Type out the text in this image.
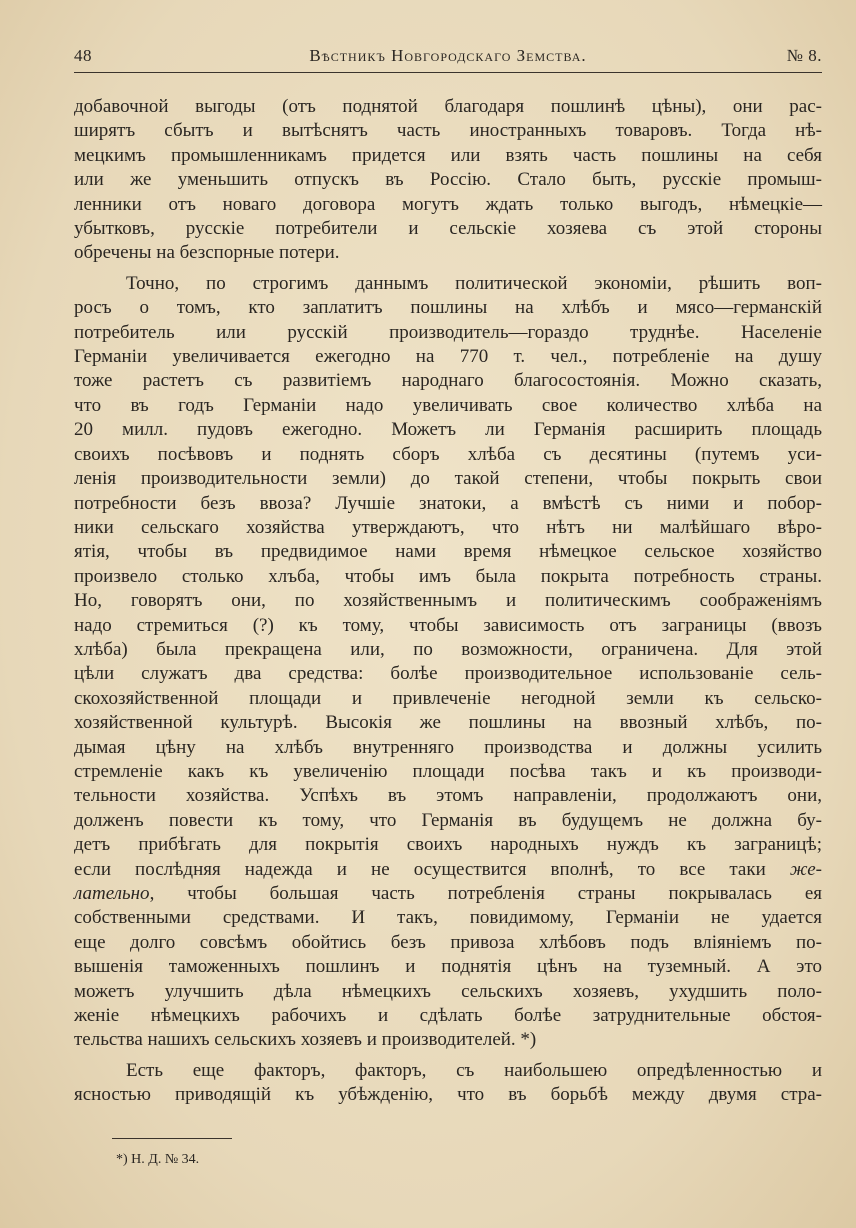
48	Вѣстникъ Новгородскаго Земства.	№ 8.

добавочной выгоды (отъ поднятой благодаря пошлинѣ цѣны), они рас-
ширятъ сбытъ и вытѣснятъ часть иностранныхъ товаровъ. Тогда нѣ-
мецкимъ промышленникамъ придется или взять часть пошлины на себя
или же уменьшить отпускъ въ Россію. Стало быть, русскіе промыш-
ленники отъ новаго договора могутъ ждать только выгодъ, нѣмецкіе—
убытковъ, русскіе потребители и сельскіе хозяева съ этой стороны
обречены на безспорные потери.

Точно, по строгимъ даннымъ политической экономіи, рѣшить воп-
росъ о томъ, кто заплатитъ пошлины на хлѣбъ и мясо—германскій
потребитель или русскій производитель—гораздо труднѣе. Населеніе
Германіи увеличивается ежегодно на 770 т. чел., потребленіе на душу
тоже растетъ съ развитіемъ народнаго благосостоянія. Можно сказать,
что въ годъ Германіи надо увеличивать свое количество хлѣба на
20 милл. пудовъ ежегодно. Можетъ ли Германія расширить площадь
своихъ посѣвовъ и поднять сборъ хлѣба съ десятины (путемъ уси-
ленія производительности земли) до такой степени, чтобы покрыть свои
потребности безъ ввоза? Лучшіе знатоки, а вмѣстѣ съ ними и побор-
ники сельскаго хозяйства утверждаютъ, что нѣтъ ни малѣйшаго вѣро-
ятія, чтобы въ предвидимое нами время нѣмецкое сельское хозяйство
произвело столько хлъба, чтобы имъ была покрыта потребность страны.
Но, говорятъ они, по хозяйственнымъ и политическимъ соображеніямъ
надо стремиться (?) къ тому, чтобы зависимость отъ заграницы (ввозъ
хлѣба) была прекращена или, по возможности, ограничена. Для этой
цѣли служатъ два средства: болѣе производительное использованіе сель-
скохозяйственной площади и привлеченіе негодной земли къ сельско-
хозяйственной культурѣ. Высокія же пошлины на ввозный хлѣбъ, по-
дымая цѣну на хлѣбъ внутренняго производства и должны усилить
стремленіе какъ къ увеличенію площади посѣва такъ и къ производи-
тельности хозяйства. Успѣхъ въ этомъ направленіи, продолжаютъ они,
долженъ повести къ тому, что Германія въ будущемъ не должна бу-
детъ прибѣгать для покрытія своихъ народныхъ нуждъ къ заграницѣ;
если послѣдняя надежда и не осуществится вполнѣ, то все таки же-
лательно, чтобы большая часть потребленія страны покрывалась ея
собственными средствами. И такъ, повидимому, Германіи не удается
еще долго совсѣмъ обойтись безъ привоза хлѣбовъ подъ вліяніемъ по-
вышенія таможенныхъ пошлинъ и поднятія цѣнъ на туземный. А это
можетъ улучшить дѣла нѣмецкихъ сельскихъ хозяевъ, ухудшить поло-
женіе нѣмецкихъ рабочихъ и сдѣлать болѣе затруднительные обстоя-
тельства нашихъ сельскихъ хозяевъ и производителей. *)

Есть еще факторъ, факторъ, съ наибольшею опредѣленностью и
ясностью приводящій къ убѣжденію, что въ борьбѣ между двумя стра-

*) Н. Д. № 34.
